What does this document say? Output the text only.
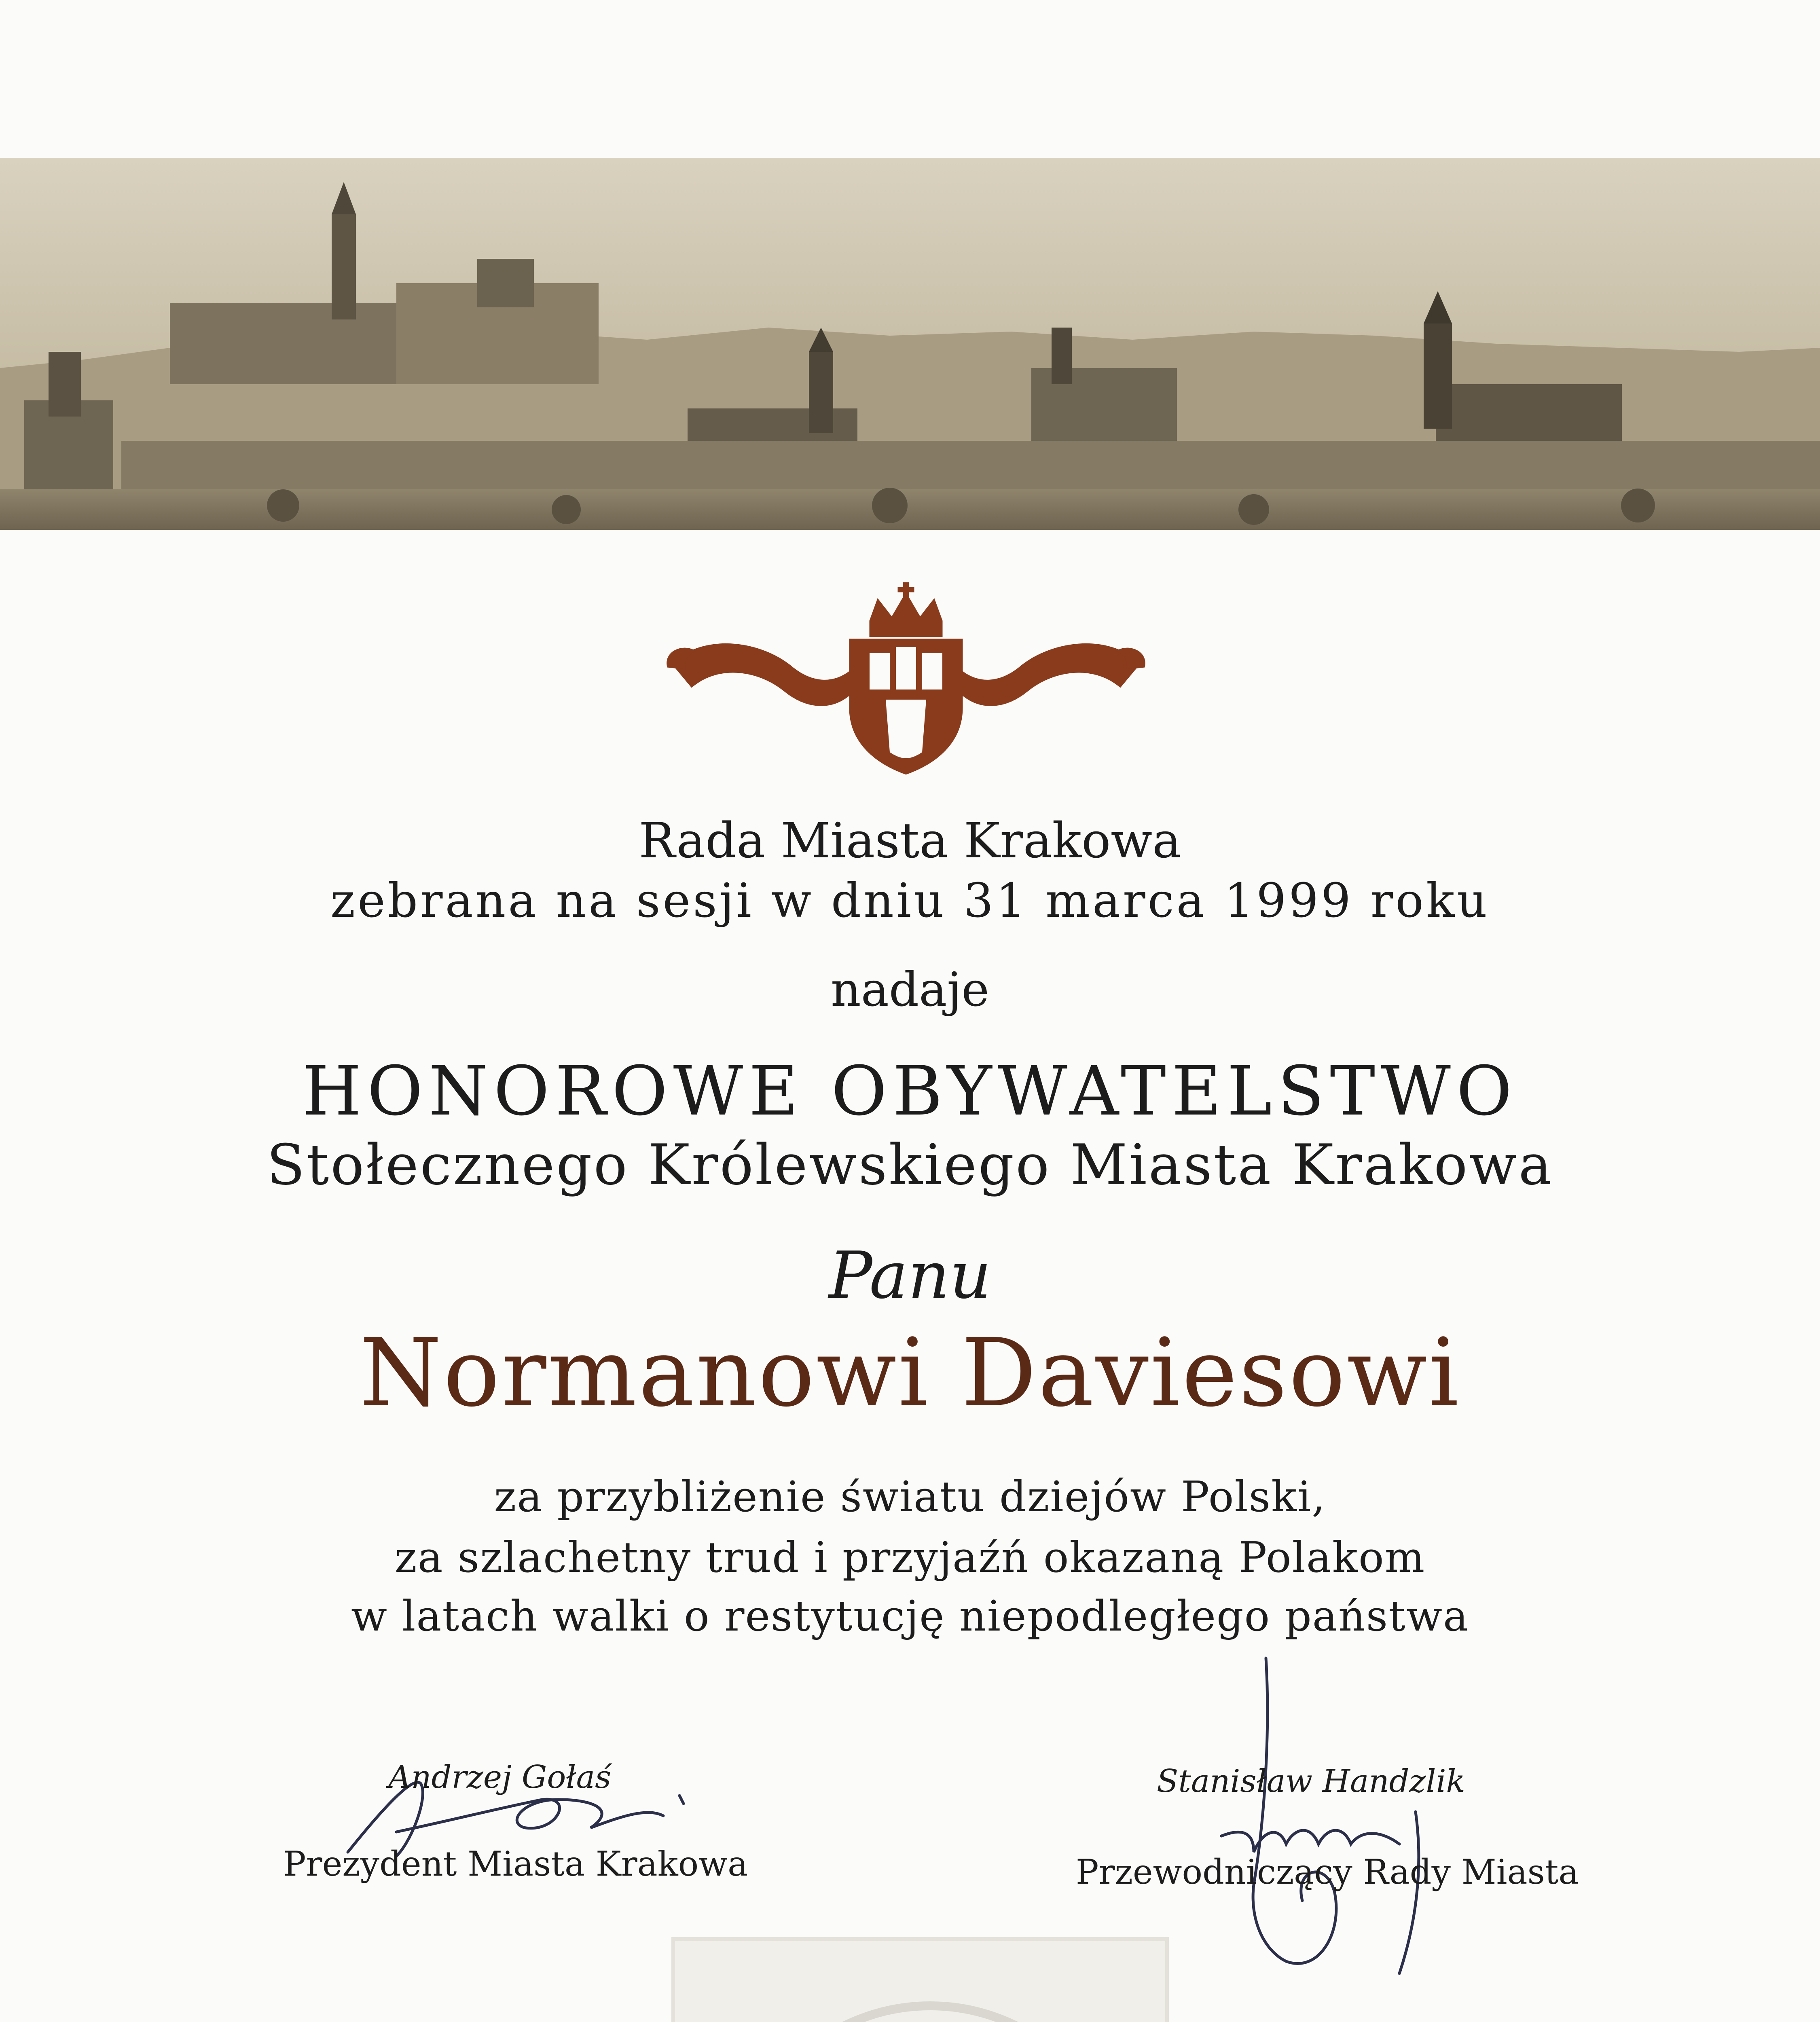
Rada Miasta Krakowa
zebrana na sesji w dniu 31 marca 1999 roku
nadaje
HONOROWE OBYWATELSTWO
Stołecznego Królewskiego Miasta Krakowa
Panu
Normanowi Daviesowi
za przybliżenie światu dziejów Polski,
za szlachetny trud i przyjaźń okazaną Polakom
w latach walki o restytucję niepodległego państwa
Andrzej Gołaś
Prezydent Miasta Krakowa
Stanisław Handzlik
Przewodniczący Rady Miasta
